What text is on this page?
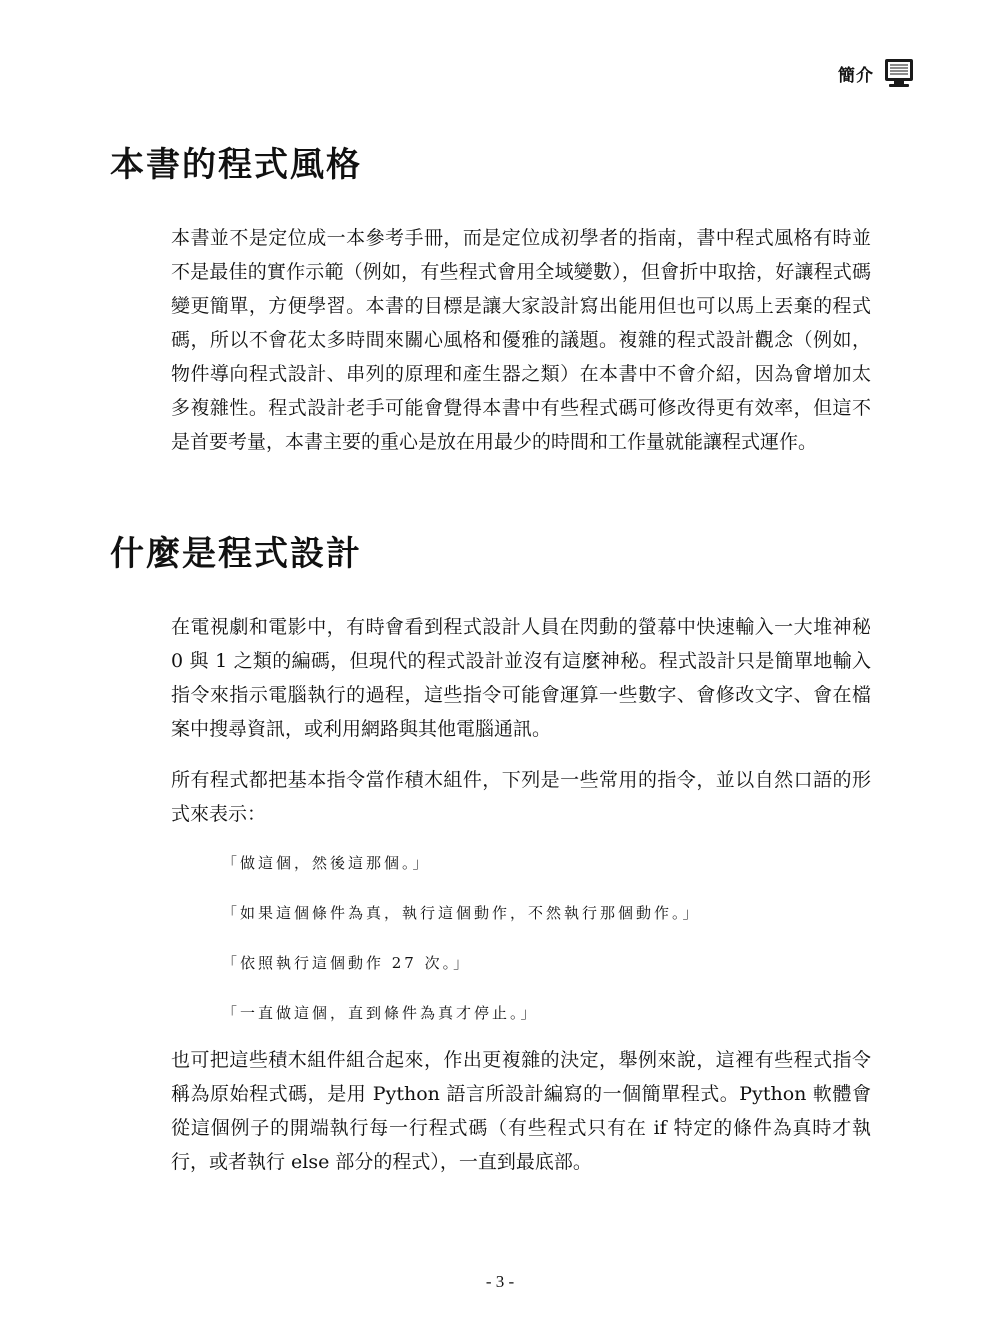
簡介
本書的程式風格

本書並不是定位成一本參考手冊，而是定位成初學者的指南，書中程式風格有時並不是最佳的實作示範（例如，有些程式會用全域變數），但會折中取捨，好讓程式碼變更簡單，方便學習。本書的目標是讓大家設計寫出能用但也可以馬上丟棄的程式碼，所以不會花太多時間來關心風格和優雅的議題。複雜的程式設計觀念（例如，物件導向程式設計、串列的原理和產生器之類）在本書中不會介紹，因為會增加太多複雜性。程式設計老手可能會覺得本書中有些程式碼可修改得更有效率，但這不是首要考量，本書主要的重心是放在用最少的時間和工作量就能讓程式運作。

什麼是程式設計

在電視劇和電影中，有時會看到程式設計人員在閃動的螢幕中快速輸入一大堆神秘 0 與 1 之類的編碼，但現代的程式設計並沒有這麼神秘。程式設計只是簡單地輸入指令來指示電腦執行的過程，這些指令可能會運算一些數字、會修改文字、會在檔案中搜尋資訊，或利用網路與其他電腦通訊。

所有程式都把基本指令當作積木組件，下列是一些常用的指令，並以自然口語的形式來表示：

「做這個，然後這那個。」
「如果這個條件為真，執行這個動作，不然執行那個動作。」
「依照執行這個動作 27 次。」
「一直做這個，直到條件為真才停止。」

也可把這些積木組件組合起來，作出更複雜的決定，舉例來說，這裡有些程式指令稱為原始程式碼，是用 Python 語言所設計編寫的一個簡單程式。Python 軟體會從這個例子的開端執行每一行程式碼（有些程式只有在 if 特定的條件為真時才執行，或者執行 else 部分的程式），一直到最底部。

- 3 -
